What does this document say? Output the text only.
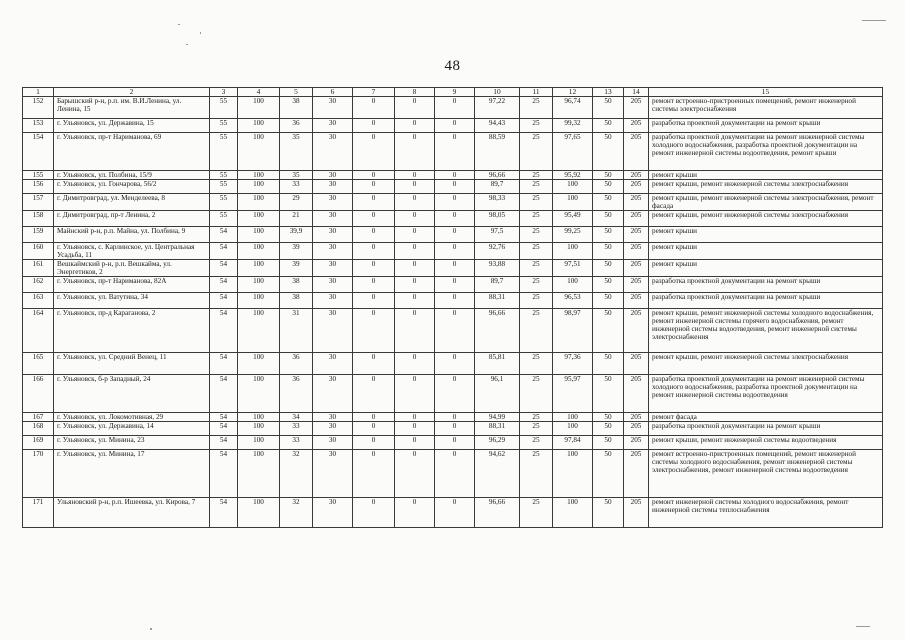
48
1	2	3	4	5	6	7	8	9	10	11	12	13	14	15
152	Барышский р-н, р.п. им. В.И.Ленина, ул. Ленина, 15	55	100	38	30	0	0	0	97,22	25	96,74	50	205	ремонт встроенно-пристроенных помещений, ремонт инженерной системы электроснабжения
153	г. Ульяновск, ул. Державина, 15	55	100	36	30	0	0	0	94,43	25	99,32	50	205	разработка проектной документации на ремонт крыши
154	г. Ульяновск, пр-т Нариманова, 69	55	100	35	30	0	0	0	88,59	25	97,65	50	205	разработка проектной документации на ремонт инженерной системы холодного водоснабжения, разработка проектной документации на ремонт инженерной системы водоотведения, ремонт крыши
155	г. Ульяновск, ул. Полбина, 15/9	55	100	35	30	0	0	0	96,66	25	95,92	50	205	ремонт крыши
156	г. Ульяновск, ул. Гончарова, 56/2	55	100	33	30	0	0	0	89,7	25	100	50	205	ремонт крыши, ремонт инженерной системы электроснабжения
157	г. Димитровград, ул. Менделеева, 8	55	100	29	30	0	0	0	98,33	25	100	50	205	ремонт крыши, ремонт инженерной системы электроснабжения, ремонт фасада
158	г. Димитровград, пр-т Ленина, 2	55	100	21	30	0	0	0	98,05	25	95,49	50	205	ремонт крыши, ремонт инженерной системы электроснабжения
159	Майнский р-н, р.п. Майна, ул. Полбина, 9	54	100	39,9	30	0	0	0	97,5	25	99,25	50	205	ремонт крыши
160	г. Ульяновск, с. Карлинское, ул. Центральная Усадьба, 11	54	100	39	30	0	0	0	92,76	25	100	50	205	ремонт крыши
161	Вешкаймский р-н, р.п. Вешкайма, ул. Энергетиков, 2	54	100	39	30	0	0	0	93,88	25	97,51	50	205	ремонт крыши
162	г. Ульяновск, пр-т Нариманова, 82А	54	100	38	30	0	0	0	89,7	25	100	50	205	разработка проектной документации на ремонт крыши
163	г. Ульяновск, ул. Ватутина, 34	54	100	38	30	0	0	0	88,31	25	96,53	50	205	разработка проектной документации на ремонт крыши
164	г. Ульяновск, пр-д Караганова, 2	54	100	31	30	0	0	0	96,66	25	98,97	50	205	ремонт крыши, ремонт инженерной системы холодного водоснабжения, ремонт инженерной системы горячего водоснабжения, ремонт инженерной системы водоотведения, ремонт инженерной системы электроснабжения
165	г. Ульяновск, ул. Средний Венец, 11	54	100	36	30	0	0	0	85,81	25	97,36	50	205	ремонт крыши, ремонт инженерной системы электроснабжения
166	г. Ульяновск, б-р Западный, 24	54	100	36	30	0	0	0	96,1	25	95,97	50	205	разработка проектной документации на ремонт инженерной системы холодного водоснабжения, разработка проектной документации на ремонт инженерной системы водоотведения
167	г. Ульяновск, ул. Локомотивная, 29	54	100	34	30	0	0	0	94,99	25	100	50	205	ремонт фасада
168	г. Ульяновск, ул. Державина, 14	54	100	33	30	0	0	0	88,31	25	100	50	205	разработка проектной документации на ремонт крыши
169	г. Ульяновск, ул. Минина, 23	54	100	33	30	0	0	0	96,29	25	97,84	50	205	ремонт крыши, ремонт инженерной системы водоотведения
170	г. Ульяновск, ул. Минина, 17	54	100	32	30	0	0	0	94,62	25	100	50	205	ремонт встроенно-пристроенных помещений, ремонт инженерной системы холодного водоснабжения, ремонт инженерной системы электроснабжения, ремонт инженерной системы водоотведения
171	Ульяновский р-н, р.п. Ишеевка, ул. Кирова, 7	54	100	32	30	0	0	0	96,66	25	100	50	205	ремонт инженерной системы холодного водоснабжения, ремонт инженерной системы теплоснабжения
